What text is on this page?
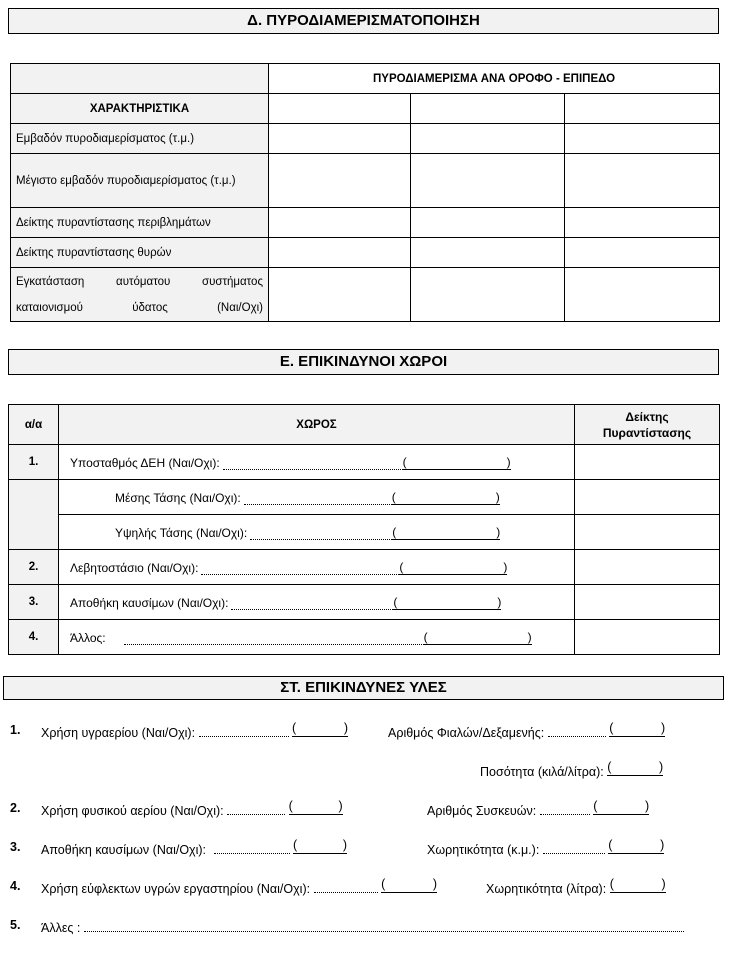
Δ. ΠΥΡΟΔΙΑΜΕΡΙΣΜΑΤΟΠΟΙΗΣΗ
	ΠΥΡΟΔΙΑΜΕΡΙΣΜΑ ΑΝΑ ΟΡΟΦΟ - ΕΠΙΠΕΔΟ		
ΧΑΡΑΚΤΗΡΙΣΤΙΚΑ			
Εμβαδόν πυροδιαμερίσματος (τ.μ.)			
Μέγιστο εμβαδόν πυροδιαμερίσματος (τ.μ.)			
Δείκτης πυραντίστασης περιβλημάτων			
Δείκτης πυραντίστασης θυρών			
Εγκατάσταση αυτόματου συστήματος καταιονισμού ύδατος (Ναι/Οχι)			
Ε. ΕΠΙΚΙΝΔΥΝΟΙ ΧΩΡΟΙ
α/α	ΧΩΡΟΣ	Δείκτης Πυραντίστασης
1.	Υποσταθμός ΔΕΗ (Ναι/Οχι): ( )	

	Μέσης Τάσης (Ναι/Οχι): ( )	

	Υψηλής Τάσης (Ναι/Οχι): ( )	

2.	Λεβητοστάσιο (Ναι/Οχι): ( )	

3.	Αποθήκη καυσίμων (Ναι/Οχι): ( )	

4.	Άλλος: ( )	

ΣΤ. ΕΠΙΚΙΝΔΥΝΕΣ ΥΛΕΣ
1. Χρήση υγραερίου (Ναι/Οχι):	(	)	Αριθμός Φιαλών/Δεξαμενής:	(	)
Ποσότητα (κιλά/λίτρα): (	)
2. Χρήση φυσικού αερίου (Ναι/Οχι):	(	)	Αριθμός Συσκευών:	(	)
3. Αποθήκη καυσίμων (Ναι/Οχι):	(	)	Χωρητικότητα (κ.μ.):	(	)
4. Χρήση εύφλεκτων υγρών εργαστηρίου (Ναι/Οχι):	(	)	Χωρητικότητα (λίτρα): (	)
5. Άλλες :
